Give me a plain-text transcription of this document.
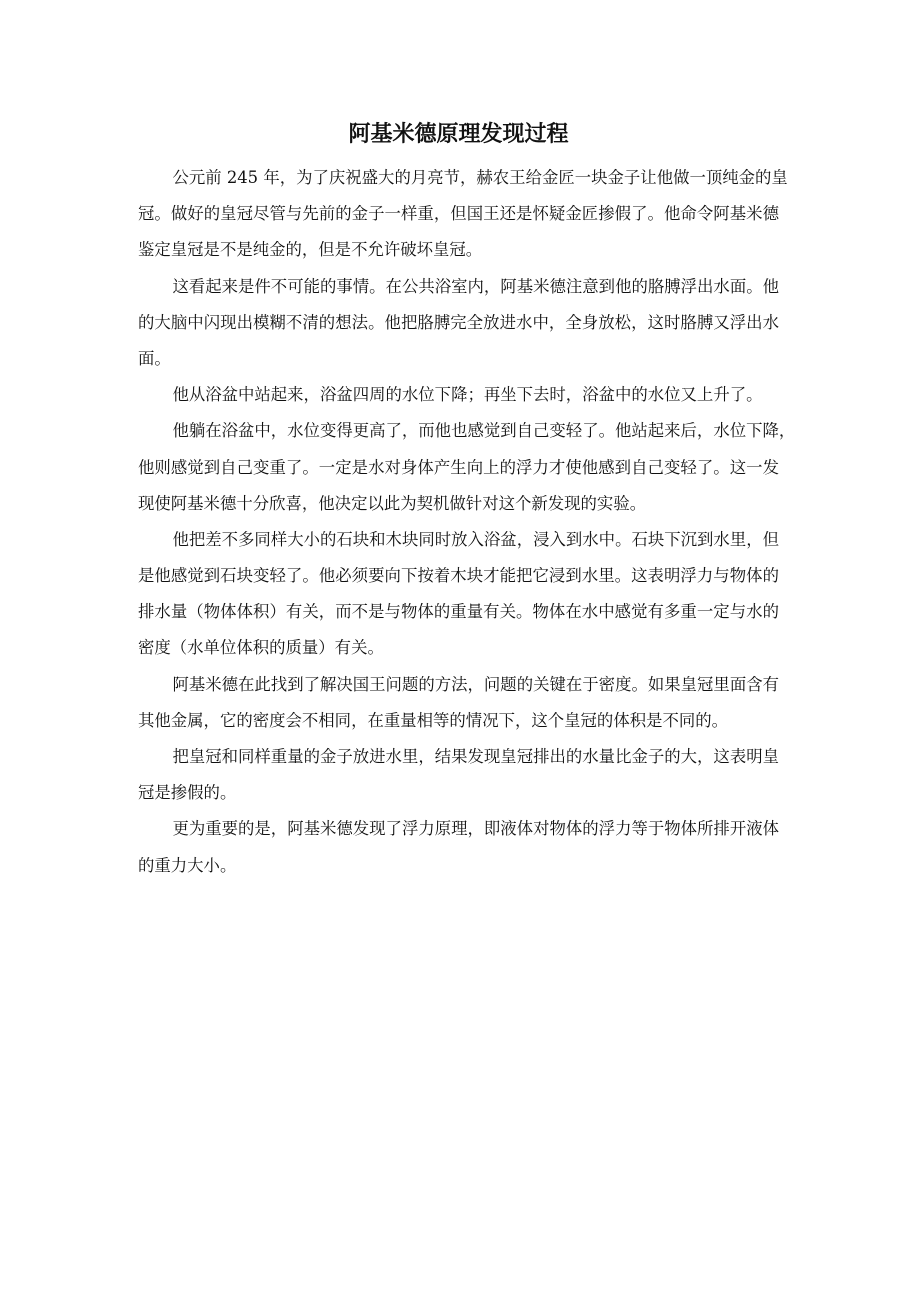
阿基米德原理发现过程

公元前 245 年，为了庆祝盛大的月亮节，赫农王给金匠一块金子让他做一顶纯金的皇
冠。做好的皇冠尽管与先前的金子一样重，但国王还是怀疑金匠掺假了。他命令阿基米德
鉴定皇冠是不是纯金的，但是不允许破坏皇冠。

这看起来是件不可能的事情。在公共浴室内，阿基米德注意到他的胳膊浮出水面。他
的大脑中闪现出模糊不清的想法。他把胳膊完全放进水中，全身放松，这时胳膊又浮出水
面。

他从浴盆中站起来，浴盆四周的水位下降；再坐下去时，浴盆中的水位又上升了。

他躺在浴盆中，水位变得更高了，而他也感觉到自己变轻了。他站起来后，水位下降，
他则感觉到自己变重了。一定是水对身体产生向上的浮力才使他感到自己变轻了。这一发
现使阿基米德十分欣喜，他决定以此为契机做针对这个新发现的实验。

他把差不多同样大小的石块和木块同时放入浴盆，浸入到水中。石块下沉到水里，但
是他感觉到石块变轻了。他必须要向下按着木块才能把它浸到水里。这表明浮力与物体的
排水量（物体体积）有关，而不是与物体的重量有关。物体在水中感觉有多重一定与水的
密度（水单位体积的质量）有关。

阿基米德在此找到了解决国王问题的方法，问题的关键在于密度。如果皇冠里面含有
其他金属，它的密度会不相同，在重量相等的情况下，这个皇冠的体积是不同的。

把皇冠和同样重量的金子放进水里，结果发现皇冠排出的水量比金子的大，这表明皇
冠是掺假的。

更为重要的是，阿基米德发现了浮力原理，即液体对物体的浮力等于物体所排开液体
的重力大小。
